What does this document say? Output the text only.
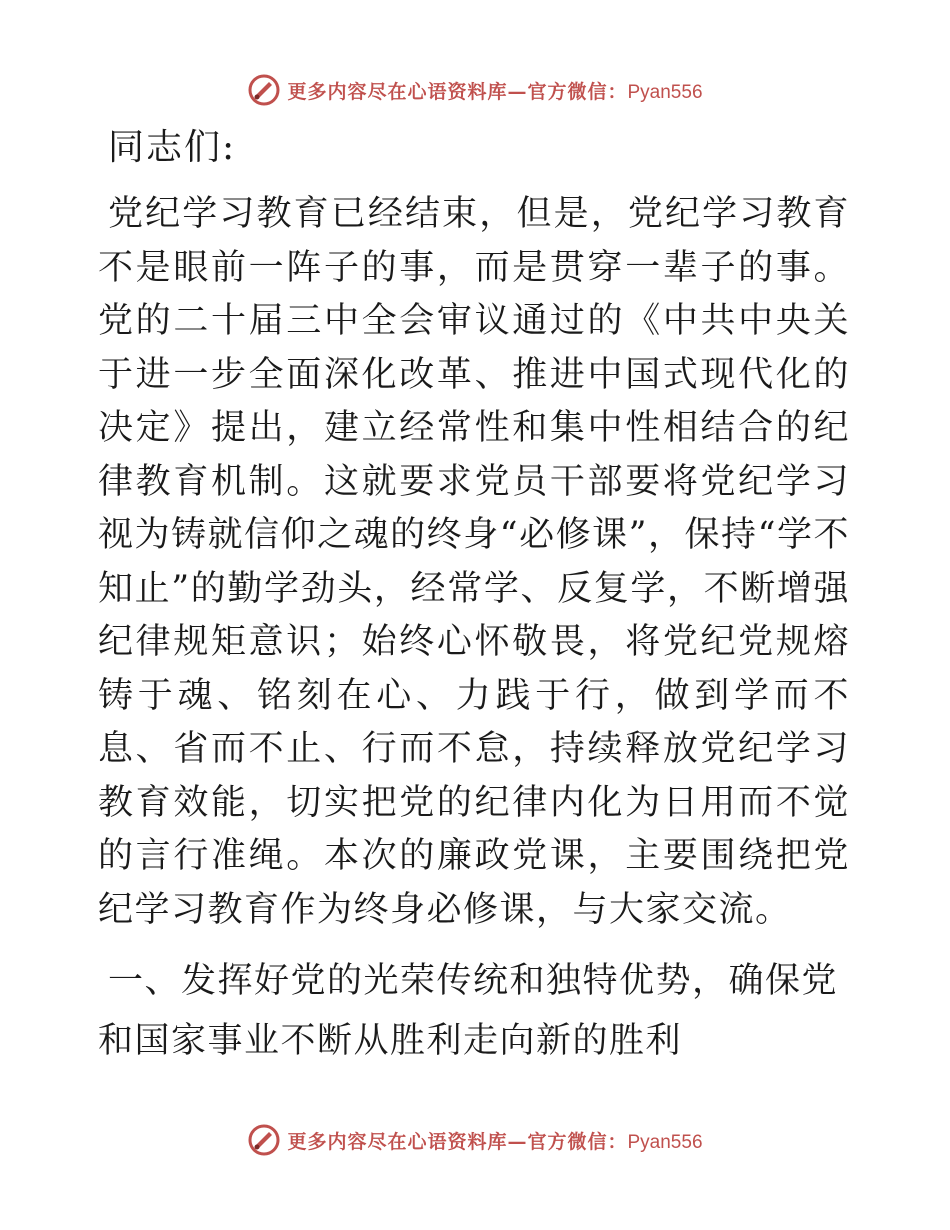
更多内容尽在心语资料库—官方微信：Pyan556

同志们:

党纪学习教育已经结束，但是，党纪学习教育不是眼前一阵子的事，而是贯穿一辈子的事。党的二十届三中全会审议通过的《中共中央关于进一步全面深化改革、推进中国式现代化的决定》提出，建立经常性和集中性相结合的纪律教育机制。这就要求党员干部要将党纪学习视为铸就信仰之魂的终身“必修课”，保持“学不知止”的勤学劲头，经常学、反复学，不断增强纪律规矩意识；始终心怀敬畏，将党纪党规熔铸于魂、铭刻在心、力践于行，做到学而不息、省而不止、行而不怠，持续释放党纪学习教育效能，切实把党的纪律内化为日用而不觉的言行准绳。本次的廉政党课，主要围绕把党纪学习教育作为终身必修课，与大家交流。

一、发挥好党的光荣传统和独特优势，确保党和国家事业不断从胜利走向新的胜利

更多内容尽在心语资料库—官方微信：Pyan556
